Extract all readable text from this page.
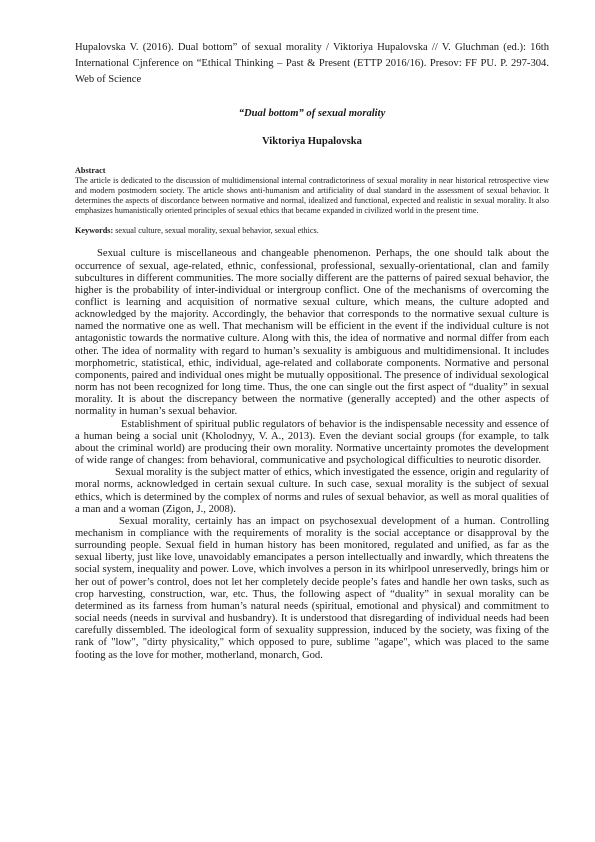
Hupalovska V. (2016). Dual bottom” of sexual morality / Viktoriya Hupalovska // V. Gluchman (ed.): 16th International Cjnference on “Ethical Thinking – Past & Present (ETTP 2016/16). Presov: FF PU. P. 297-304. Web of Science

“Dual bottom” of sexual morality

Viktoriya Hupalovska

Abstract

The article is dedicated to the discussion of multidimensional internal contradictoriness of sexual morality in near historical retrospective view and modern postmodern society. The article shows anti-humanism and artificiality of dual standard in the assessment of sexual behavior. It determines the aspects of discordance between normative and normal, idealized and functional, expected and realistic in sexual morality. It also emphasizes humanistically oriented principles of sexual ethics that became expanded in civilized world in the present time.

Keywords: sexual culture, sexual morality, sexual behavior, sexual ethics.

Sexual culture is miscellaneous and changeable phenomenon. Perhaps, the one should talk about the occurrence of sexual, age-related, ethnic, confessional, professional, sexually-orientational, clan and family subcultures in different communities. The more socially different are the patterns of paired sexual behavior, the higher is the probability of inter-individual or intergroup conflict. One of the mechanisms of overcoming the conflict is learning and acquisition of normative sexual culture, which means, the culture adopted and acknowledged by the majority. Accordingly, the behavior that corresponds to the normative sexual culture is named the normative one as well. That mechanism will be efficient in the event if the individual culture is not antagonistic towards the normative culture. Along with this, the idea of normative and normal differ from each other. The idea of normality with regard to human’s sexuality is ambiguous and multidimensional. It includes morphometric, statistical, ethic, individual, age-related and collaborate components. Normative and personal components, paired and individual ones might be mutually oppositional. The presence of individual sexological norm has not been recognized for long time. Thus, the one can single out the first aspect of “duality” in sexual morality. It is about the discrepancy between the normative (generally accepted) and the other aspects of normality in human’s sexual behavior.

Establishment of spiritual public regulators of behavior is the indispensable necessity and essence of a human being a social unit (Kholodnyy, V. A., 2013). Even the deviant social groups (for example, to talk about the criminal world) are producing their own morality. Normative uncertainty promotes the development of wide range of changes: from behavioral, communicative and psychological difficulties to neurotic disorder.

Sexual morality is the subject matter of ethics, which investigated the essence, origin and regularity of moral norms, acknowledged in certain sexual culture. In such case, sexual morality is the subject of sexual ethics, which is determined by the complex of norms and rules of sexual behavior, as well as moral qualities of a man and a woman (Zigon, J., 2008).

Sexual morality, certainly has an impact on psychosexual development of a human. Controlling mechanism in compliance with the requirements of morality is the social acceptance or disapproval by the surrounding people. Sexual field in human history has been monitored, regulated and unified, as far as the sexual liberty, just like love, unavoidably emancipates a person intellectually and inwardly, which threatens the social system, inequality and power. Love, which involves a person in its whirlpool unreservedly, brings him or her out of power’s control, does not let her completely decide people’s fates and handle her own tasks, such as crop harvesting, construction, war, etc. Thus, the following aspect of “duality” in sexual morality can be determined as its farness from human’s natural needs (spiritual, emotional and physical) and commitment to social needs (needs in survival and husbandry). It is understood that disregarding of individual needs had been carefully dissembled. The ideological form of sexuality suppression, induced by the society, was fixing of the rank of "low", "dirty physicality," which opposed to pure, sublime "agape", which was placed to the same footing as the love for mother, motherland, monarch, God.
